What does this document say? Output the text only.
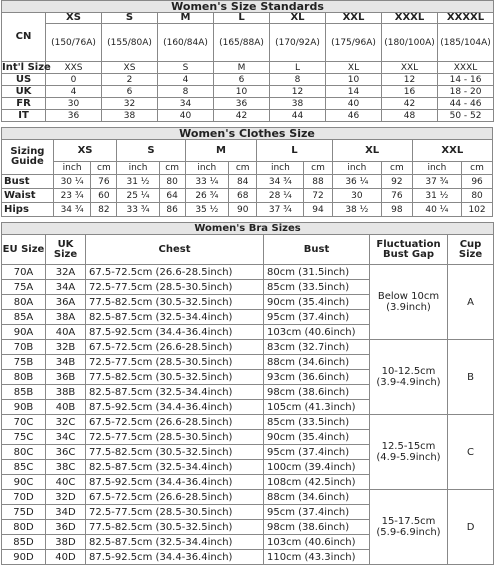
Women's Size Standards								
CN	XS	S	M	L	XL	XXL	XXXL	XXXXL
	(150/76A)	(155/80A)	(160/84A)	(165/88A)	(170/92A)	(175/96A)	(180/100A)	(185/104A)
Int'l Size	XXS	XS	S	M	L	XL	XXL	XXXL
US	0	2	4	6	8	10	12	14 - 16
UK	4	6	8	10	12	14	16	18 - 20
FR	30	32	34	36	38	40	42	44 - 46
IT	36	38	40	42	44	46	48	50 - 52
Women's Clothes Size												
Sizing Guide	XS		S		M		L		XL		XXL	
	inch	cm	inch	cm	inch	cm	inch	cm	inch	cm	inch	cm
Bust	30 ¼	76	31 ½	80	33 ¼	84	34 ¾	88	36 ¼	92	37 ¾	96
Waist	23 ¾	60	25 ¼	64	26 ¾	68	28 ¼	72	30	76	31 ½	80
Hips	34 ¾	82	33 ¾	86	35 ½	90	37 ¾	94	38 ½	98	40 ¼	102
Women's Bra Sizes					
EU Size	UK Size	Chest	Bust	Fluctuation Bust Gap	Cup Size
70A	32A	67.5-72.5cm (26.6-28.5inch)	80cm (31.5inch)	Below 10cm (3.9inch)	A
75A	34A	72.5-77.5cm (28.5-30.5inch)	85cm (33.5inch)		
80A	36A	77.5-82.5cm (30.5-32.5inch)	90cm (35.4inch)		
85A	38A	82.5-87.5cm (32.5-34.4inch)	95cm (37.4inch)		
90A	40A	87.5-92.5cm (34.4-36.4inch)	103cm (40.6inch)		
70B	32B	67.5-72.5cm (26.6-28.5inch)	83cm (32.7inch)	10-12.5cm (3.9-4.9inch)	B
75B	34B	72.5-77.5cm (28.5-30.5inch)	88cm (34.6inch)		
80B	36B	77.5-82.5cm (30.5-32.5inch)	93cm (36.6inch)		
85B	38B	82.5-87.5cm (32.5-34.4inch)	98cm (38.6inch)		
90B	40B	87.5-92.5cm (34.4-36.4inch)	105cm (41.3inch)		
70C	32C	67.5-72.5cm (26.6-28.5inch)	85cm (33.5inch)	12.5-15cm (4.9-5.9inch)	C
75C	34C	72.5-77.5cm (28.5-30.5inch)	90cm (35.4inch)		
80C	36C	77.5-82.5cm (30.5-32.5inch)	95cm (37.4inch)		
85C	38C	82.5-87.5cm (32.5-34.4inch)	100cm (39.4inch)		
90C	40C	87.5-92.5cm (34.4-36.4inch)	108cm (42.5inch)		
70D	32D	67.5-72.5cm (26.6-28.5inch)	88cm (34.6inch)	15-17.5cm (5.9-6.9inch)	D
75D	34D	72.5-77.5cm (28.5-30.5inch)	95cm (37.4inch)		
80D	36D	77.5-82.5cm (30.5-32.5inch)	98cm (38.6inch)		
85D	38D	82.5-87.5cm (32.5-34.4inch)	103cm (40.6inch)		
90D	40D	87.5-92.5cm (34.4-36.4inch)	110cm (43.3inch)		
